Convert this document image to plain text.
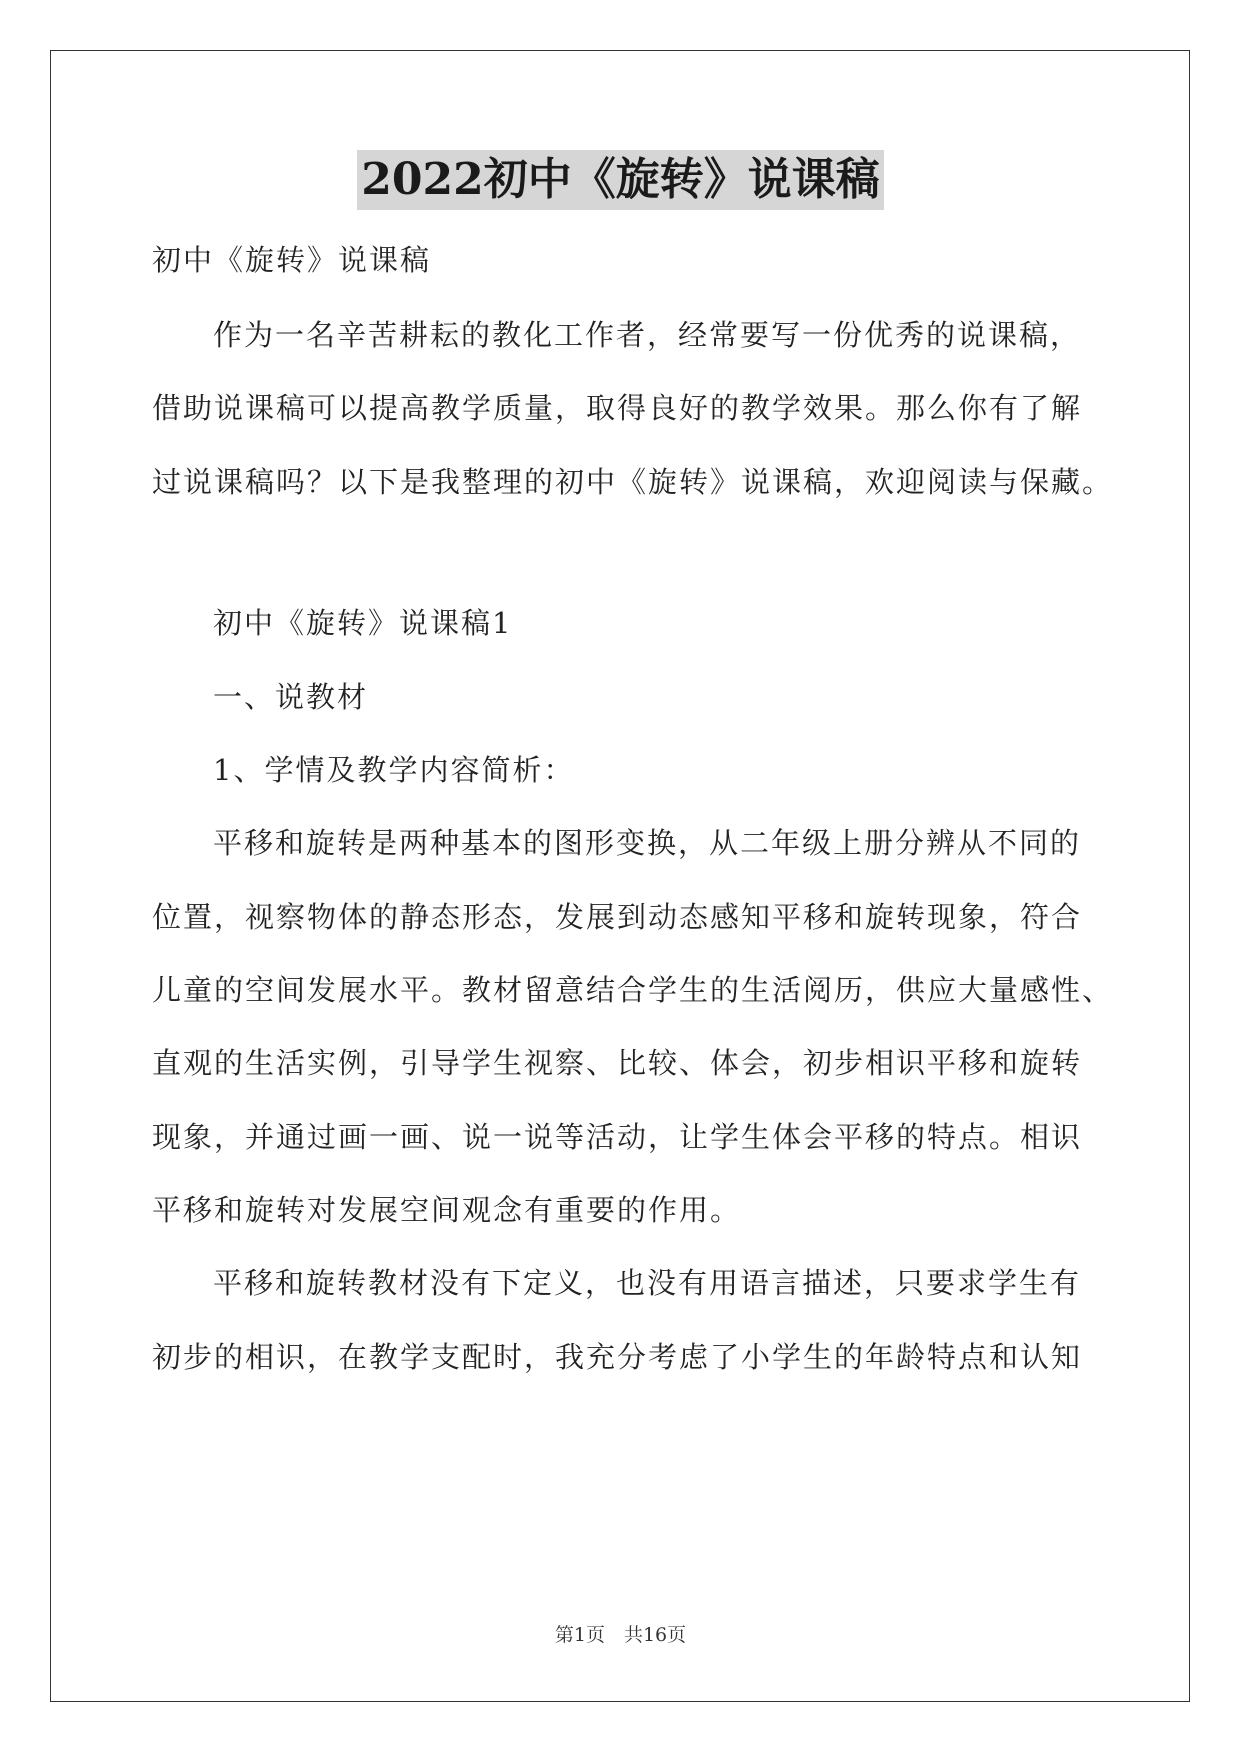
2022初中《旋转》说课稿
初中《旋转》说课稿
作为一名辛苦耕耘的教化工作者，经常要写一份优秀的说课稿，
借助说课稿可以提高教学质量，取得良好的教学效果。那么你有了解
过说课稿吗？以下是我整理的初中《旋转》说课稿，欢迎阅读与保藏。
初中《旋转》说课稿1
一、说教材
1、学情及教学内容简析：
平移和旋转是两种基本的图形变换，从二年级上册分辨从不同的
位置，视察物体的静态形态，发展到动态感知平移和旋转现象，符合
儿童的空间发展水平。教材留意结合学生的生活阅历，供应大量感性、
直观的生活实例，引导学生视察、比较、体会，初步相识平移和旋转
现象，并通过画一画、说一说等活动，让学生体会平移的特点。相识
平移和旋转对发展空间观念有重要的作用。
平移和旋转教材没有下定义，也没有用语言描述，只要求学生有
初步的相识，在教学支配时，我充分考虑了小学生的年龄特点和认知
第1页　共16页
